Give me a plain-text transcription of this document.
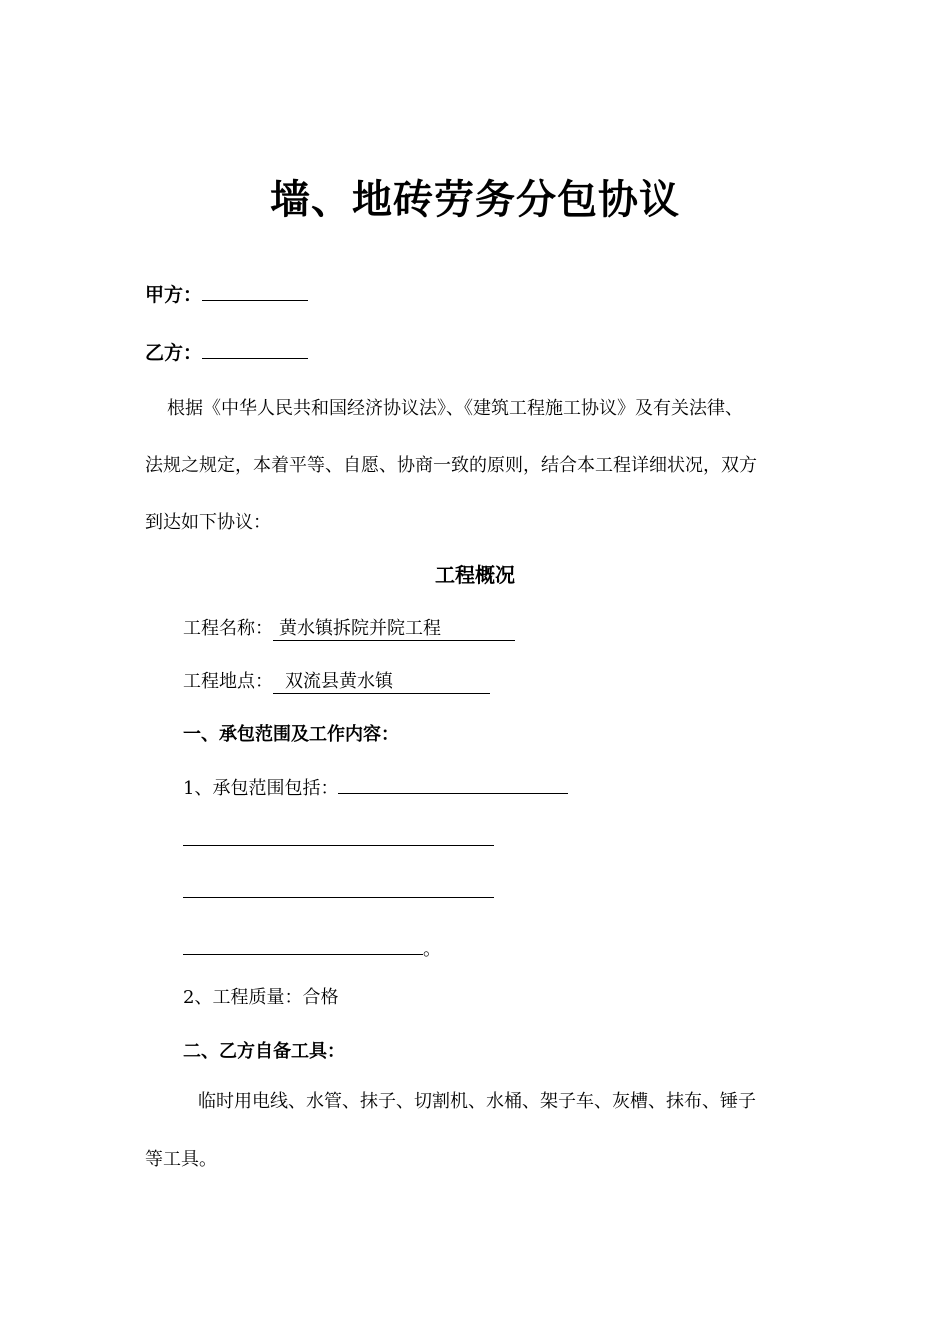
墙、地砖劳务分包协议
甲方：
乙方：
根据《中华人民共和国经济协议法》、《建筑工程施工协议》及有关法律、
法规之规定，本着平等、自愿、协商一致的原则，结合本工程详细状况，双方
到达如下协议：
工程概况
工程名称： 黄水镇拆院并院工程
工程地点： 双流县黄水镇
一、承包范围及工作内容：
1、承包范围包括：
。
2、工程质量：合格
二、乙方自备工具：
临时用电线、水管、抹子、切割机、水桶、架子车、灰槽、抹布、锤子
等工具。
